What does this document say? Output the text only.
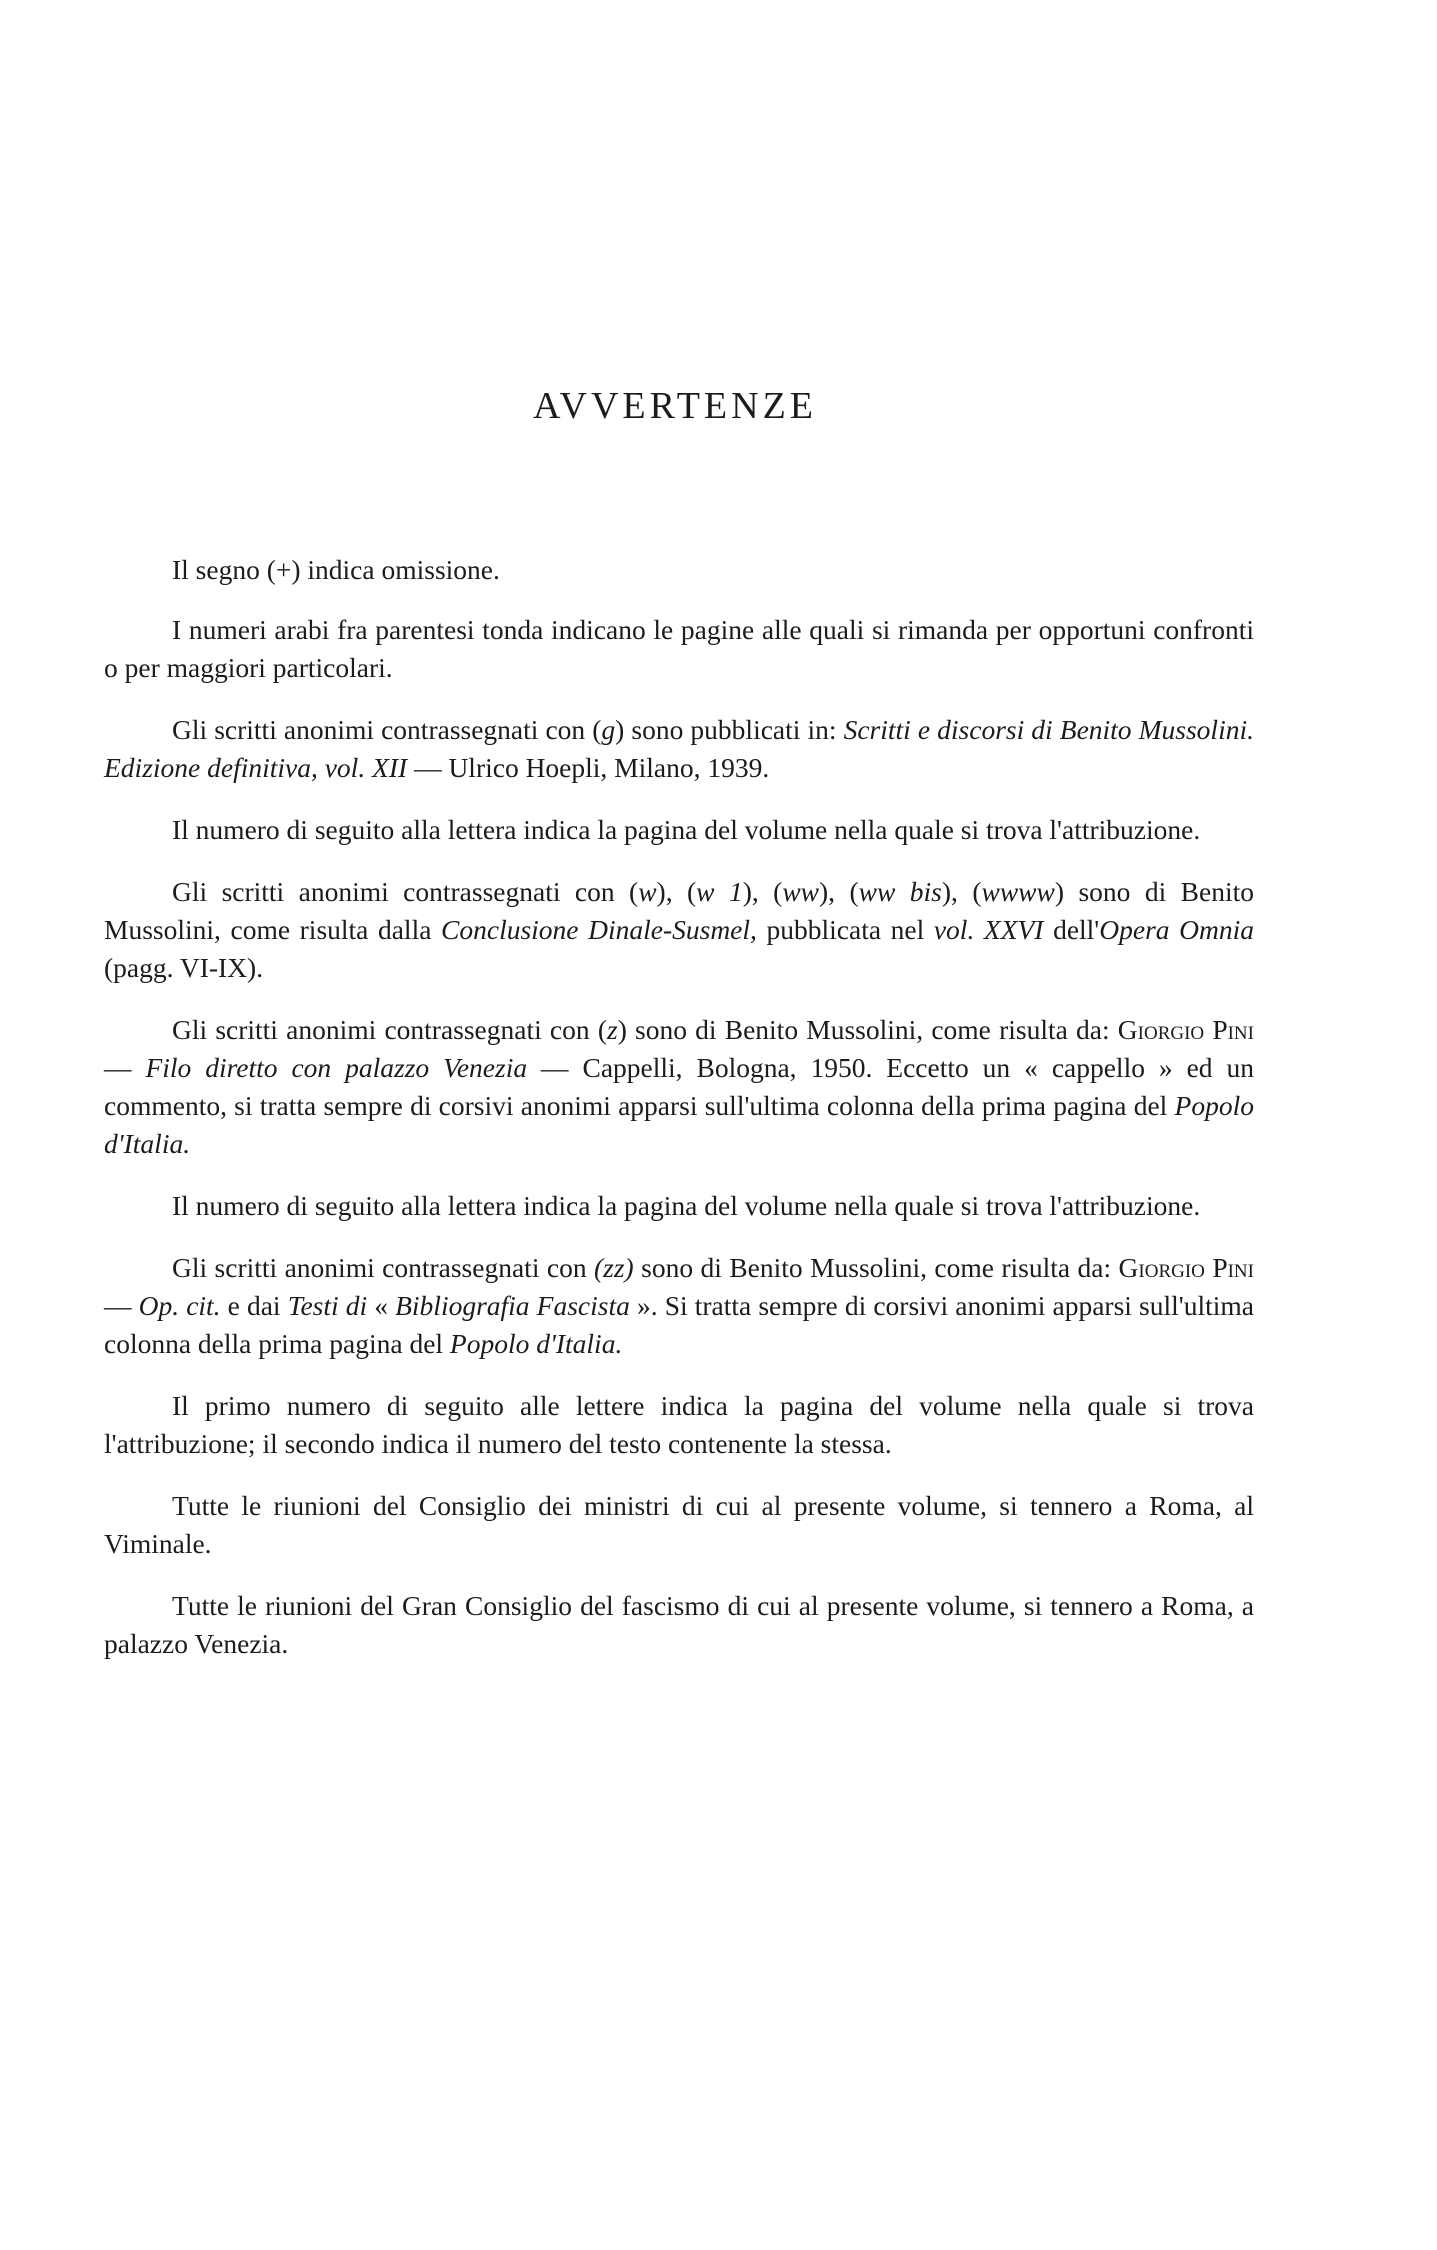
AVVERTENZE

Il segno (+) indica omissione.

I numeri arabi fra parentesi tonda indicano le pagine alle quali si rimanda per opportuni confronti o per maggiori particolari.

Gli scritti anonimi contrassegnati con (g) sono pubblicati in: Scritti e discorsi di Benito Mussolini. Edizione definitiva, vol. XII — Ulrico Hoepli, Milano, 1939.

Il numero di seguito alla lettera indica la pagina del volume nella quale si trova l'attribuzione.

Gli scritti anonimi contrassegnati con (w), (w 1), (ww), (ww bis), (wwww) sono di Benito Mussolini, come risulta dalla Conclusione Dinale-Susmel, pubblicata nel vol. XXVI dell'Opera Omnia (pagg. VI-IX).

Gli scritti anonimi contrassegnati con (z) sono di Benito Mussolini, come risulta da: Giorgio Pini — Filo diretto con palazzo Venezia — Cappelli, Bologna, 1950. Eccetto un « cappello » ed un commento, si tratta sempre di corsivi anonimi apparsi sull'ultima colonna della prima pagina del Popolo d'Italia.

Il numero di seguito alla lettera indica la pagina del volume nella quale si trova l'attribuzione.

Gli scritti anonimi contrassegnati con (zz) sono di Benito Mussolini, come risulta da: Giorgio Pini — Op. cit. e dai Testi di « Bibliografia Fascista ». Si tratta sempre di corsivi anonimi apparsi sull'ultima colonna della prima pagina del Popolo d'Italia.

Il primo numero di seguito alle lettere indica la pagina del volume nella quale si trova l'attribuzione; il secondo indica il numero del testo contenente la stessa.

Tutte le riunioni del Consiglio dei ministri di cui al presente volume, si tennero a Roma, al Viminale.

Tutte le riunioni del Gran Consiglio del fascismo di cui al presente volume, si tennero a Roma, a palazzo Venezia.
